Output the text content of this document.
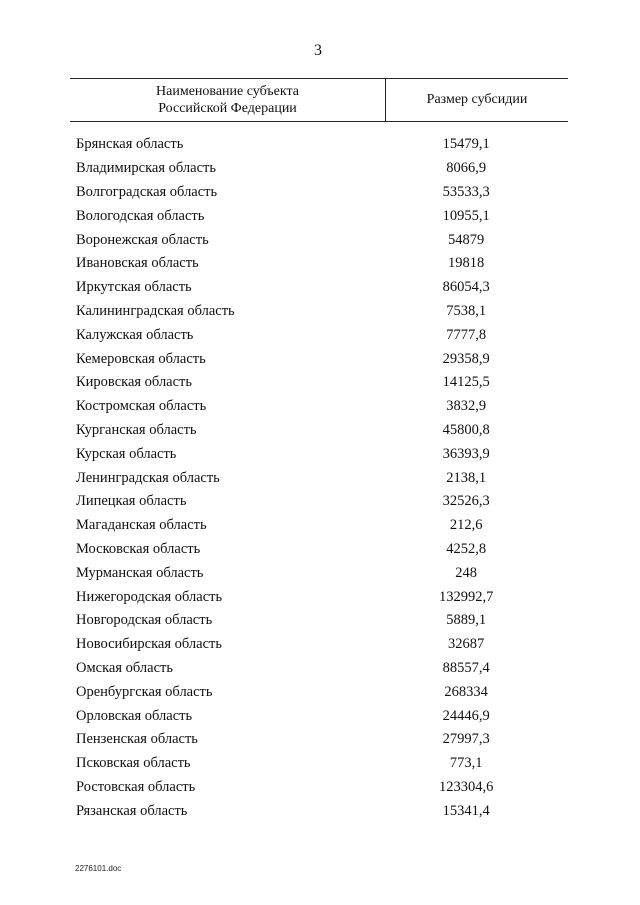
3
Наименование субъекта
Российской Федерации
Размер субсидии
Брянская область	15479,1
Владимирская область	8066,9
Волгоградская область	53533,3
Вологодская область	10955,1
Воронежская область	54879
Ивановская область	19818
Иркутская область	86054,3
Калининградская область	7538,1
Калужская область	7777,8
Кемеровская область	29358,9
Кировская область	14125,5
Костромская область	3832,9
Курганская область	45800,8
Курская область	36393,9
Ленинградская область	2138,1
Липецкая область	32526,3
Магаданская область	212,6
Московская область	4252,8
Мурманская область	248
Нижегородская область	132992,7
Новгородская область	5889,1
Новосибирская область	32687
Омская область	88557,4
Оренбургская область	268334
Орловская область	24446,9
Пензенская область	27997,3
Псковская область	773,1
Ростовская область	123304,6
Рязанская область	15341,4
2276101.doc
